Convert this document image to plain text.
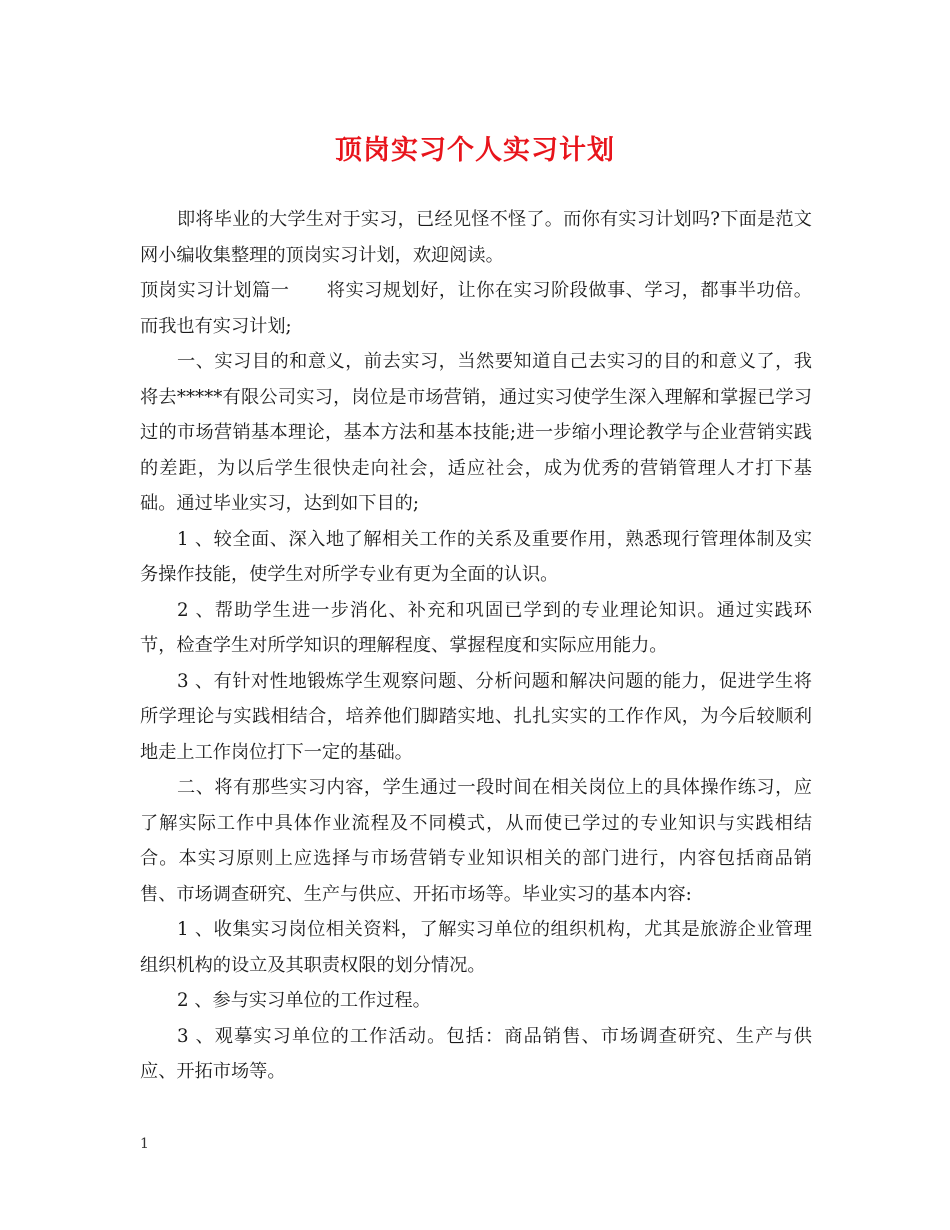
顶岗实习个人实习计划

即将毕业的大学生对于实习，已经见怪不怪了。而你有实习计划吗?下面是范文网小编收集整理的顶岗实习计划，欢迎阅读。

顶岗实习计划篇一　　将实习规划好，让你在实习阶段做事、学习，都事半功倍。而我也有实习计划;

一、实习目的和意义，前去实习，当然要知道自己去实习的目的和意义了，我将去*****有限公司实习，岗位是市场营销，通过实习使学生深入理解和掌握已学习过的市场营销基本理论，基本方法和基本技能;进一步缩小理论教学与企业营销实践的差距，为以后学生很快走向社会，适应社会，成为优秀的营销管理人才打下基础。通过毕业实习，达到如下目的;

1 、较全面、深入地了解相关工作的关系及重要作用，熟悉现行管理体制及实务操作技能，使学生对所学专业有更为全面的认识。

2 、帮助学生进一步消化、补充和巩固已学到的专业理论知识。通过实践环节，检查学生对所学知识的理解程度、掌握程度和实际应用能力。

3 、有针对性地锻炼学生观察问题、分析问题和解决问题的能力，促进学生将所学理论与实践相结合，培养他们脚踏实地、扎扎实实的工作作风，为今后较顺利地走上工作岗位打下一定的基础。

二、将有那些实习内容，学生通过一段时间在相关岗位上的具体操作练习，应了解实际工作中具体作业流程及不同模式，从而使已学过的专业知识与实践相结合。本实习原则上应选择与市场营销专业知识相关的部门进行，内容包括商品销售、市场调查研究、生产与供应、开拓市场等。毕业实习的基本内容:

1 、收集实习岗位相关资料，了解实习单位的组织机构，尤其是旅游企业管理组织机构的设立及其职责权限的划分情况。

2 、参与实习单位的工作过程。

3 、观摹实习单位的工作活动。包括：商品销售、市场调查研究、生产与供应、开拓市场等。

1
